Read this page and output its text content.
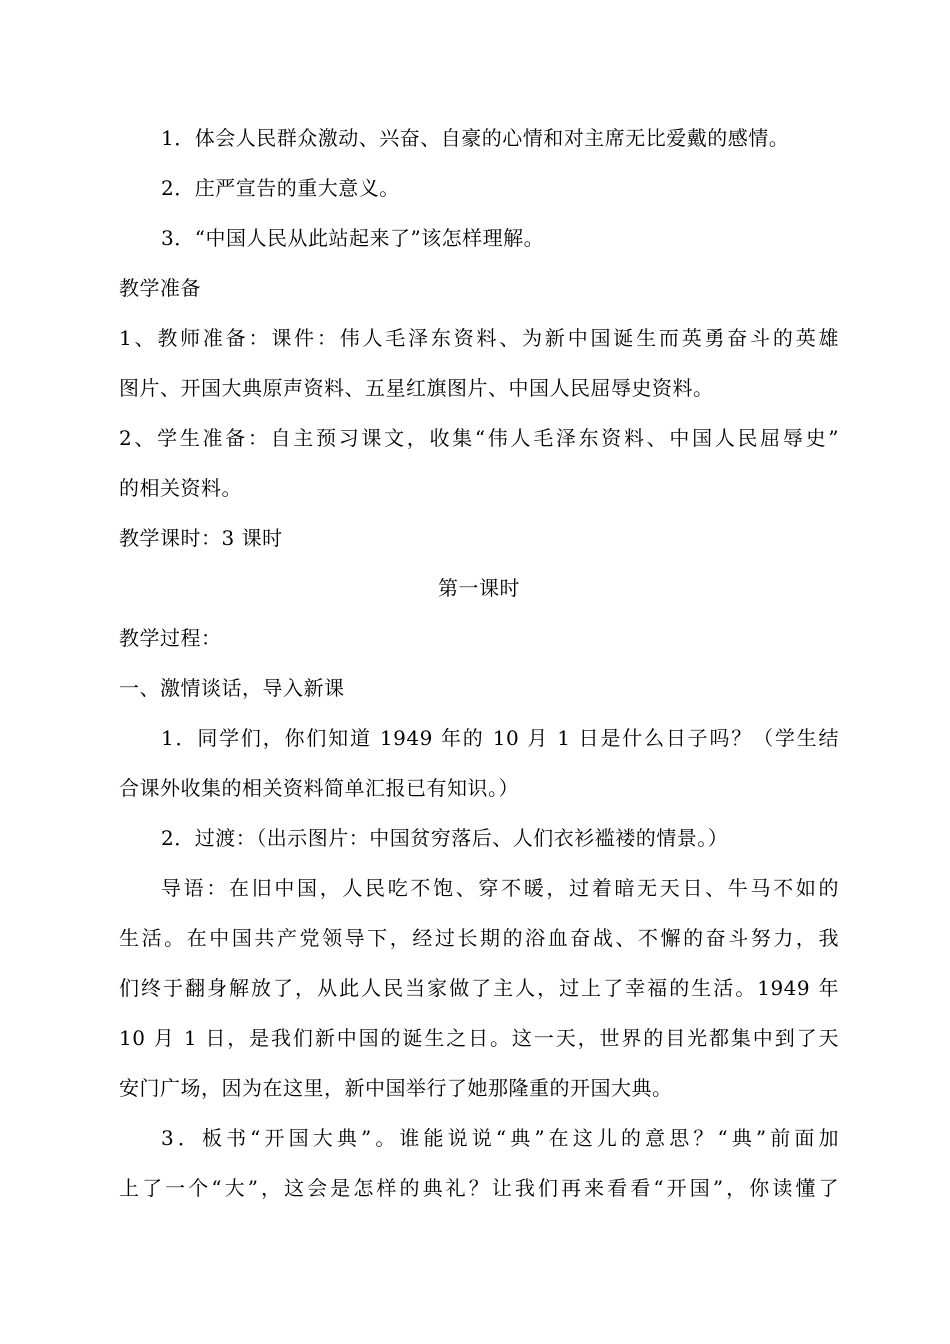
1．体会人民群众激动、兴奋、自豪的心情和对主席无比爱戴的感情。
2．庄严宣告的重大意义。
3．“中国人民从此站起来了”该怎样理解。
教学准备
1、教师准备：课件：伟人毛泽东资料、为新中国诞生而英勇奋斗的英雄
图片、开国大典原声资料、五星红旗图片、中国人民屈辱史资料。
2、学生准备：自主预习课文，收集“伟人毛泽东资料、中国人民屈辱史”
的相关资料。
教学课时：3 课时
第一课时
教学过程：
一、激情谈话，导入新课
1．同学们，你们知道 1949 年的 10 月 1 日是什么日子吗？（学生结
合课外收集的相关资料简单汇报已有知识。）
2．过渡：（出示图片：中国贫穷落后、人们衣衫褴褛的情景。）
导语：在旧中国，人民吃不饱、穿不暖，过着暗无天日、牛马不如的
生活。在中国共产党领导下，经过长期的浴血奋战、不懈的奋斗努力，我
们终于翻身解放了，从此人民当家做了主人，过上了幸福的生活。1949 年
10 月 1 日，是我们新中国的诞生之日。这一天，世界的目光都集中到了天
安门广场，因为在这里，新中国举行了她那隆重的开国大典。
3．板书“开国大典”。谁能说说“典”在这儿的意思？“典”前面加
上了一个“大”，这会是怎样的典礼？让我们再来看看“开国”，你读懂了
